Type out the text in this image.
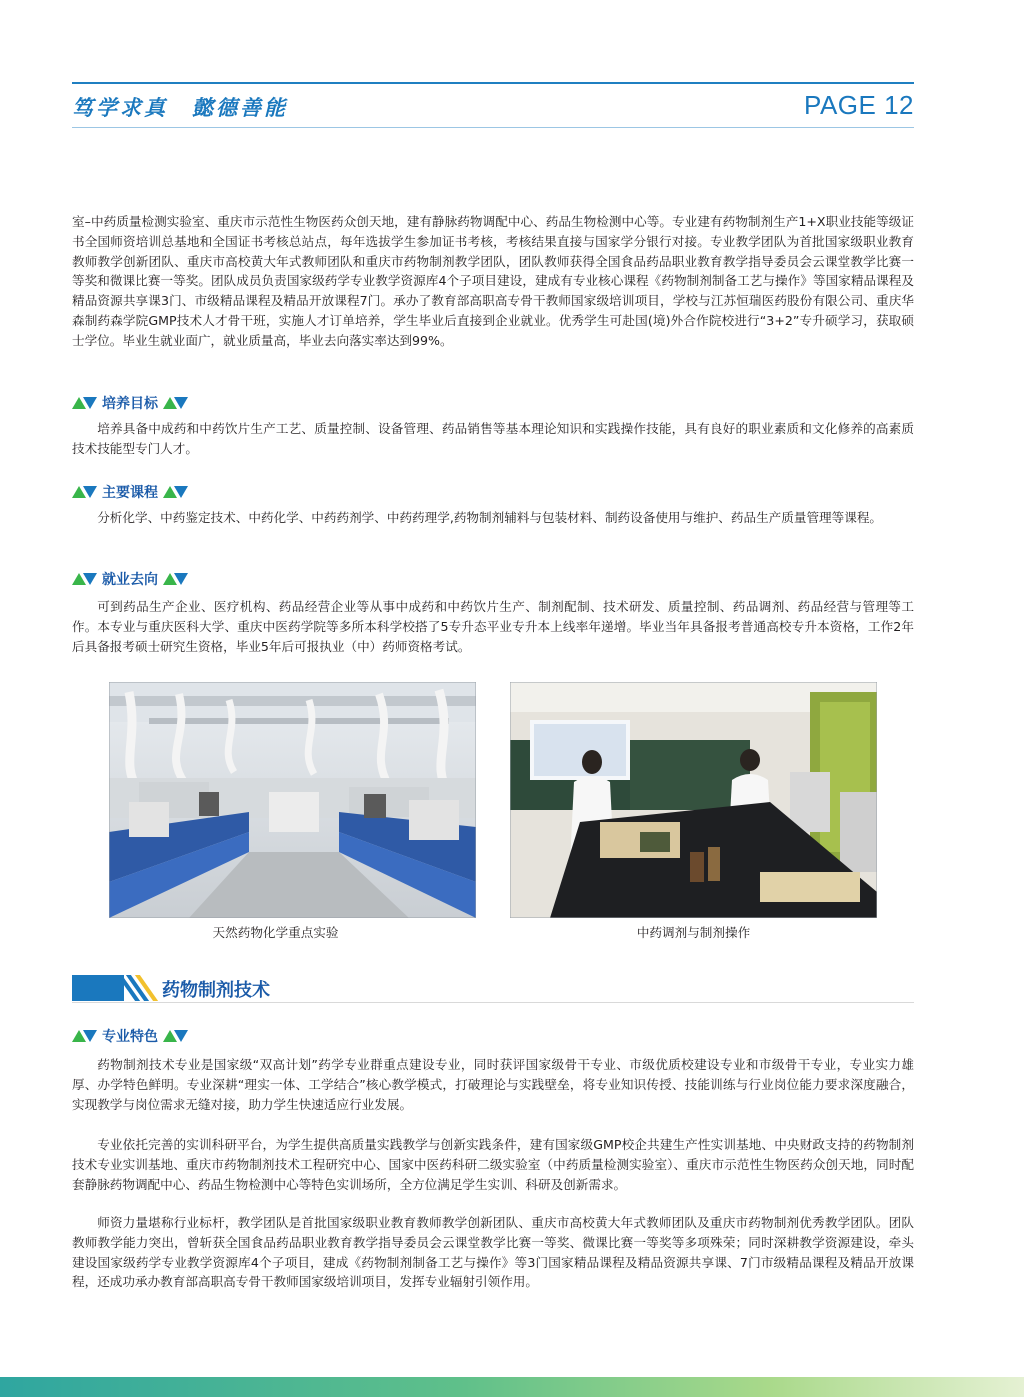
笃学求真　懿德善能	PAGE 12

室–中药质量检测实验室、重庆市示范性生物医药众创天地，建有静脉药物调配中心、药品生物检测中心等。专业建有药物制剂生产1+X职业技能等级证书全国师资培训总基地和全国证书考核总站点，每年选拔学生参加证书考核，考核结果直接与国家学分银行对接。专业教学团队为首批国家级职业教育教师教学创新团队、重庆市高校黄大年式教师团队和重庆市药物制剂教学团队，团队教师获得全国食品药品职业教育教学指导委员会云课堂教学比赛一等奖和微课比赛一等奖。团队成员负责国家级药学专业教学资源库4个子项目建设，建成有专业核心课程《药物制剂制备工艺与操作》等国家精品课程及精品资源共享课3门、市级精品课程及精品开放课程7门。承办了教育部高职高专骨干教师国家级培训项目，学校与江苏恒瑞医药股份有限公司、重庆华森制药森学院GMP技术人才骨干班，实施人才订单培养，学生毕业后直接到企业就业。优秀学生可赴国(境)外合作院校进行“3+2”专升硕学习，获取硕士学位。毕业生就业面广，就业质量高，毕业去向落实率达到99%。

培养目标

培养具备中成药和中药饮片生产工艺、质量控制、设备管理、药品销售等基本理论知识和实践操作技能，具有良好的职业素质和文化修养的高素质技术技能型专门人才。

主要课程

分析化学、中药鉴定技术、中药化学、中药药剂学、中药药理学,药物制剂辅料与包装材料、制药设备使用与维护、药品生产质量管理等课程。

就业去向

可到药品生产企业、医疗机构、药品经营企业等从事中成药和中药饮片生产、制剂配制、技术研发、质量控制、药品调剂、药品经营与管理等工作。本专业与重庆医科大学、重庆中医药学院等多所本科学校搭了5专升态平业专升本上线率年递增。毕业当年具备报考普通高校专升本资格，工作2年后具备报考硕士研究生资格，毕业5年后可报执业（中）药师资格考试。

天然药物化学重点实验	中药调剂与制剂操作
药物制剂技术
专业特色

药物制剂技术专业是国家级“双高计划”药学专业群重点建设专业，同时获评国家级骨干专业、市级优质校建设专业和市级骨干专业，专业实力雄厚、办学特色鲜明。专业深耕“理实一体、工学结合”核心教学模式，打破理论与实践壁垒，将专业知识传授、技能训练与行业岗位能力要求深度融合，实现教学与岗位需求无缝对接，助力学生快速适应行业发展。

专业依托完善的实训科研平台，为学生提供高质量实践教学与创新实践条件，建有国家级GMP校企共建生产性实训基地、中央财政支持的药物制剂技术专业实训基地、重庆市药物制剂技术工程研究中心、国家中医药科研二级实验室（中药质量检测实验室）、重庆市示范性生物医药众创天地，同时配套静脉药物调配中心、药品生物检测中心等特色实训场所，全方位满足学生实训、科研及创新需求。

师资力量堪称行业标杆，教学团队是首批国家级职业教育教师教学创新团队、重庆市高校黄大年式教师团队及重庆市药物制剂优秀教学团队。团队教师教学能力突出，曾斩获全国食品药品职业教育教学指导委员会云课堂教学比赛一等奖、微课比赛一等奖等多项殊荣；同时深耕教学资源建设，牵头建设国家级药学专业教学资源库4个子项目，建成《药物制剂制备工艺与操作》等3门国家精品课程及精品资源共享课、7门市级精品课程及精品开放课程，还成功承办教育部高职高专骨干教师国家级培训项目，发挥专业辐射引领作用。
